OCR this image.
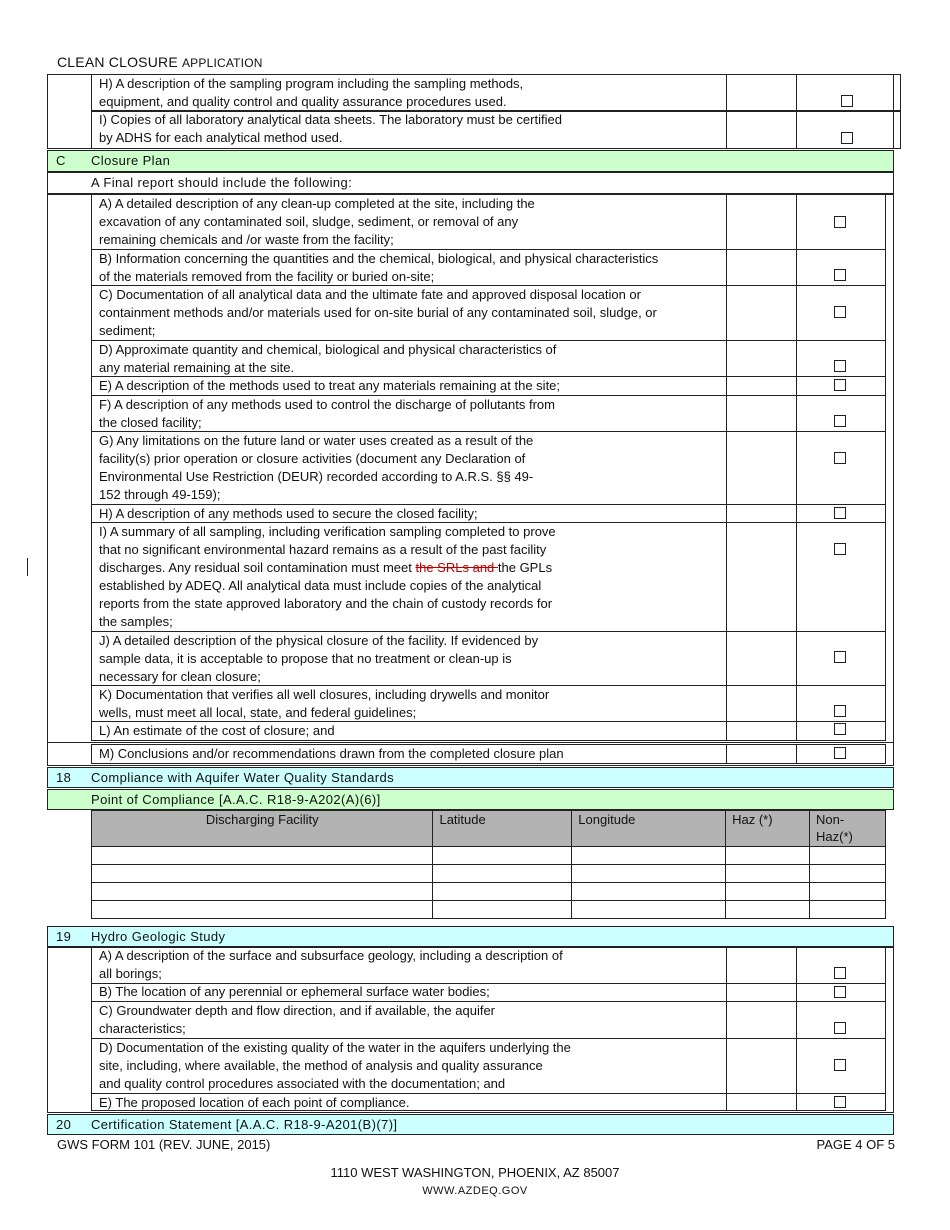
CLEAN CLOSURE APPLICATION
H) A description of the sampling program including the sampling methods,
equipment, and quality control and quality assurance procedures used.
I) Copies of all laboratory analytical data sheets. The laboratory must be certified
by ADHS for each analytical method used.
C Closure Plan
A Final report should include the following:
A) A detailed description of any clean-up completed at the site, including the
excavation of any contaminated soil, sludge, sediment, or removal of any
remaining chemicals and /or waste from the facility;
B) Information concerning the quantities and the chemical, biological, and physical characteristics
of the materials removed from the facility or buried on-site;
C) Documentation of all analytical data and the ultimate fate and approved disposal location or
containment methods and/or materials used for on-site burial of any contaminated soil, sludge, or
sediment;
D) Approximate quantity and chemical, biological and physical characteristics of
any material remaining at the site.
E) A description of the methods used to treat any materials remaining at the site;
F) A description of any methods used to control the discharge of pollutants from
the closed facility;
G) Any limitations on the future land or water uses created as a result of the
facility(s) prior operation or closure activities (document any Declaration of
Environmental Use Restriction (DEUR) recorded according to A.R.S. §§ 49-
152 through 49-159);
H) A description of any methods used to secure the closed facility;
I) A summary of all sampling, including verification sampling completed to prove
that no significant environmental hazard remains as a result of the past facility
discharges. Any residual soil contamination must meet the SRLs and the GPLs
established by ADEQ. All analytical data must include copies of the analytical
reports from the state approved laboratory and the chain of custody records for
the samples;
J) A detailed description of the physical closure of the facility. If evidenced by
sample data, it is acceptable to propose that no treatment or clean-up is
necessary for clean closure;
K) Documentation that verifies all well closures, including drywells and monitor
wells, must meet all local, state, and federal guidelines;
L) An estimate of the cost of closure; and
M) Conclusions and/or recommendations drawn from the completed closure plan
18 Compliance with Aquifer Water Quality Standards
Point of Compliance [A.A.C. R18-9-A202(A)(6)]
Discharging Facility	Latitude	Longitude	Haz (*)	Non-Haz(*)

19 Hydro Geologic Study
A) A description of the surface and subsurface geology, including a description of
all borings;
B) The location of any perennial or ephemeral surface water bodies;
C) Groundwater depth and flow direction, and if available, the aquifer
characteristics;
D) Documentation of the existing quality of the water in the aquifers underlying the
site, including, where available, the method of analysis and quality assurance
and quality control procedures associated with the documentation; and
E) The proposed location of each point of compliance.
20 Certification Statement [A.A.C. R18-9-A201(B)(7)]
GWS FORM 101 (REV. JUNE, 2015)	PAGE 4 OF 5
1110 WEST WASHINGTON, PHOENIX, AZ 85007
WWW.AZDEQ.GOV
